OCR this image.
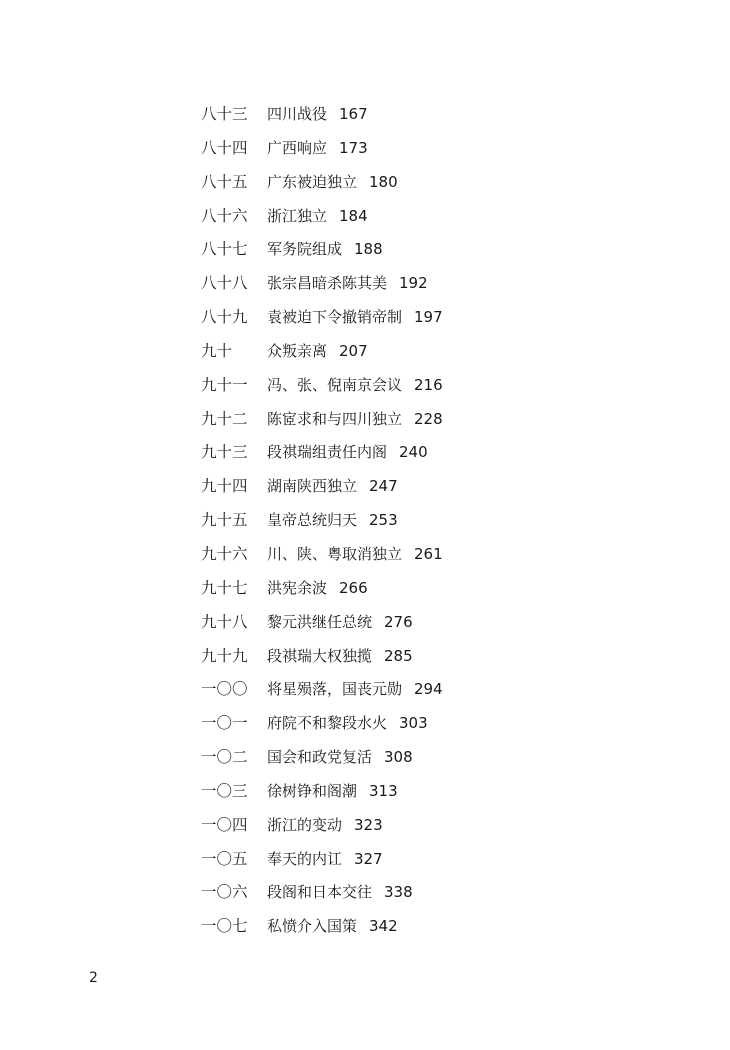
八十三 四川战役 167
八十四 广西响应 173
八十五 广东被迫独立 180
八十六 浙江独立 184
八十七 军务院组成 188
八十八 张宗昌暗杀陈其美 192
八十九 袁被迫下令撤销帝制 197
九十 众叛亲离 207
九十一 冯、张、倪南京会议 216
九十二 陈宧求和与四川独立 228
九十三 段祺瑞组责任内阁 240
九十四 湖南陕西独立 247
九十五 皇帝总统归天 253
九十六 川、陕、粤取消独立 261
九十七 洪宪余波 266
九十八 黎元洪继任总统 276
九十九 段祺瑞大权独揽 285
一〇〇 将星殒落，国丧元勋 294
一〇一 府院不和黎段水火 303
一〇二 国会和政党复活 308
一〇三 徐树铮和阁潮 313
一〇四 浙江的变动 323
一〇五 奉天的内讧 327
一〇六 段阁和日本交往 338
一〇七 私愤介入国策 342
2
